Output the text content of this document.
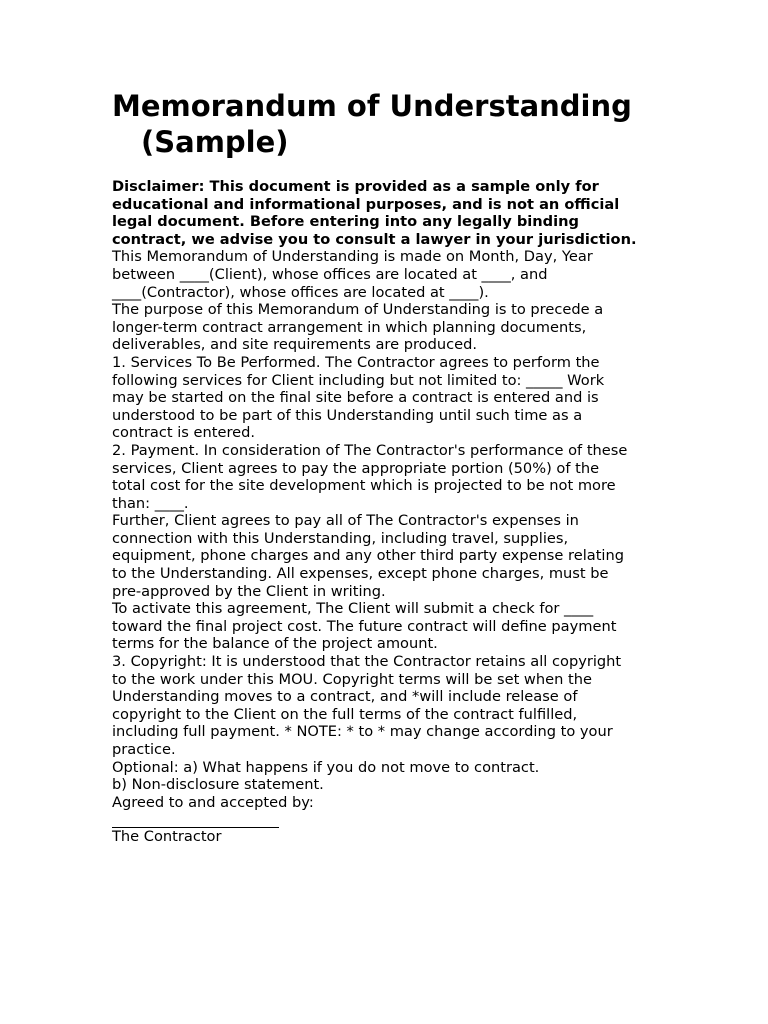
Memorandum of Understanding
(Sample)

Disclaimer: This document is provided as a sample only for

educational and informational purposes, and is not an official

legal document. Before entering into any legally binding

contract, we advise you to consult a lawyer in your jurisdiction.

This Memorandum of Understanding is made on Month, Day, Year

between ____(Client), whose offices are located at ____, and

____(Contractor), whose offices are located at ____).

The purpose of this Memorandum of Understanding is to precede a

longer-term contract arrangement in which planning documents,

deliverables, and site requirements are produced.

1. Services To Be Performed. The Contractor agrees to perform the

following services for Client including but not limited to: _____ Work

may be started on the final site before a contract is entered and is

understood to be part of this Understanding until such time as a

contract is entered.

2. Payment. In consideration of The Contractor's performance of these

services, Client agrees to pay the appropriate portion (50%) of the

total cost for the site development which is projected to be not more

than: ____.

Further, Client agrees to pay all of The Contractor's expenses in

connection with this Understanding, including travel, supplies,

equipment, phone charges and any other third party expense relating

to the Understanding. All expenses, except phone charges, must be

pre-approved by the Client in writing.

To activate this agreement, The Client will submit a check for ____

toward the final project cost. The future contract will define payment

terms for the balance of the project amount.

3. Copyright: It is understood that the Contractor retains all copyright

to the work under this MOU. Copyright terms will be set when the

Understanding moves to a contract, and *will include release of

copyright to the Client on the full terms of the contract fulfilled,

including full payment. * NOTE: * to * may change according to your

practice.

Optional: a) What happens if you do not move to contract.

b) Non-disclosure statement.

Agreed to and accepted by:

The Contractor
